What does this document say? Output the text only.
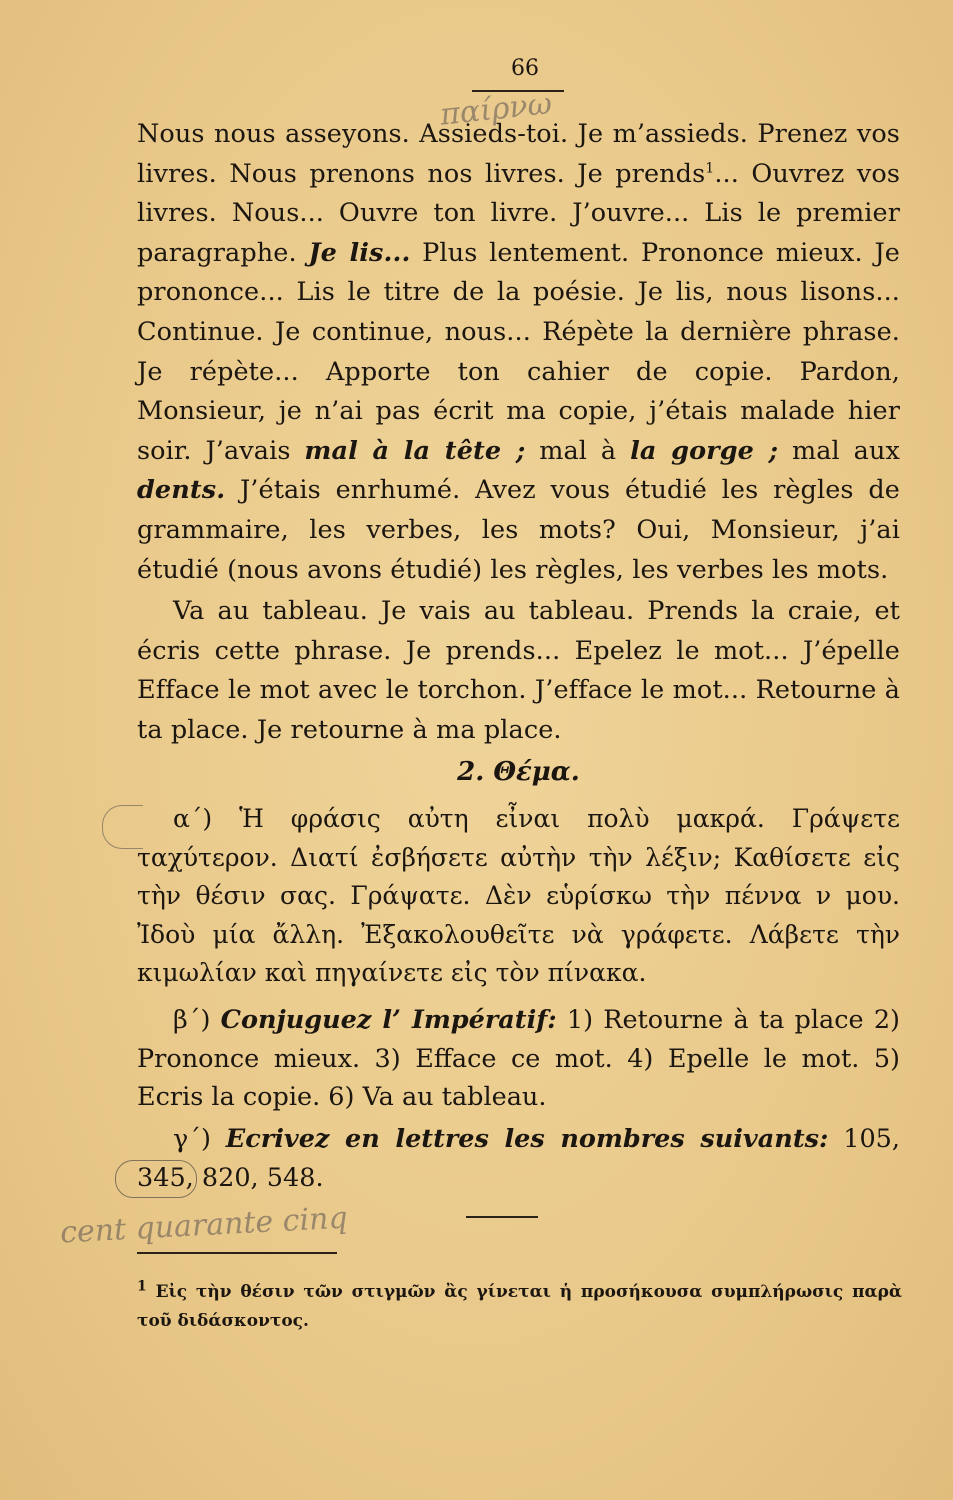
66
παίρνω

Nous nous asseyons. Assieds-toi. Je m’assieds. Prenez vos livres. Nous prenons nos livres. Je prends$^1$... Ouvrez vos livres. Nous... Ouvre ton livre. J’ouvre... Lis le premier paragraphe. Je lis... Plus lentement. Prononce mieux. Je prononce... Lis le titre de la poésie. Je lis, nous lisons... Continue. Je continue, nous... Répète la dernière phrase. Je répète... Apporte ton cahier de copie. Pardon, Monsieur, je n’ai pas écrit ma copie, j’étais malade hier soir. J’avais mal à la tête ; mal à la gorge ; mal aux dents. J’étais enrhumé. Avez vous étudié les règles de grammaire, les verbes, les mots? Oui, Monsieur, j’ai étudié (nous avons étudié) les règles, les verbes les mots.

Va au tableau. Je vais au tableau. Prends la craie, et écris cette phrase. Je prends... Epelez le mot... J’épelle Efface le mot avec le torchon. J’efface le mot... Retourne à ta place. Je retourne à ma place.

2. Θέμα.
α΄) Ἡ φράσις αὐτη εἶναι πολὺ μακρά. Γράψετε ταχύτερον. Διατί ἐσβήσετε αὐτὴν τὴν λέξιν; Καθίσετε εἰς τὴν θέσιν σας. Γράψατε. Δὲν εὑρίσκω τὴν πέννα ν μου. Ἰδοὺ μία ἄλλη. Ἐξακολουθεῖτε νὰ γράφετε. Λάβετε τὴν κιμωλίαν καὶ πηγαίνετε εἰς τὸν πίνακα.
β΄) Conjuguez l’ Impératif: 1) Retourne à ta place 2) Prononce mieux. 3) Efface ce mot. 4) Epelle le mot. 5) Ecris la copie. 6) Va au tableau.
γ΄) Ecrivez en lettres les nombres suivants: 105, 345, 820, 548.
cent quarante cinq
$^1$ Εἰς τὴν θέσιν τῶν στιγμῶν ἂς γίνεται ἡ προσήκουσα συμπλήρωσις παρὰ τοῦ διδάσκοντος.
